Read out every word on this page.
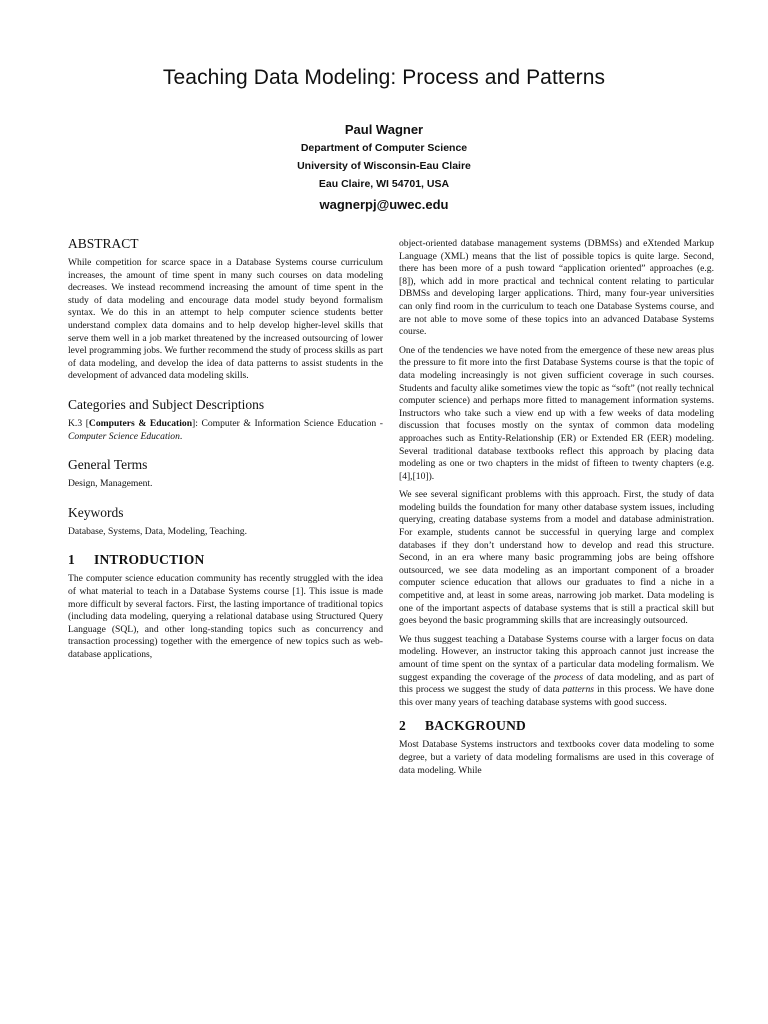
Teaching Data Modeling: Process and Patterns
Paul Wagner
Department of Computer Science
University of Wisconsin-Eau Claire
Eau Claire, WI 54701, USA
wagnerpj@uwec.edu
ABSTRACT

While competition for scarce space in a Database Systems course curriculum increases, the amount of time spent in many such courses on data modeling decreases. We instead recommend increasing the amount of time spent in the study of data modeling and encourage data model study beyond formalism syntax. We do this in an attempt to help computer science students better understand complex data domains and to help develop higher-level skills that serve them well in a job market threatened by the increased outsourcing of lower level programming jobs. We further recommend the study of process skills as part of data modeling, and develop the idea of data patterns to assist students in the development of advanced data modeling skills.

Categories and Subject Descriptions

K.3 [Computers & Education]: Computer & Information Science Education - Computer Science Education.

General Terms

Design, Management.

Keywords

Database, Systems, Data, Modeling, Teaching.

1 INTRODUCTION

The computer science education community has recently struggled with the idea of what material to teach in a Database Systems course [1]. This issue is made more difficult by several factors. First, the lasting importance of traditional topics (including data modeling, querying a relational database using Structured Query Language (SQL), and other long-standing topics such as concurrency and transaction processing) together with the emergence of new topics such as web-database applications,

object-oriented database management systems (DBMSs) and eXtended Markup Language (XML) means that the list of possible topics is quite large. Second, there has been more of a push toward “application oriented” approaches (e.g. [8]), which add in more practical and technical content relating to particular DBMSs and developing larger applications. Third, many four-year universities can only find room in the curriculum to teach one Database Systems course, and are not able to move some of these topics into an advanced Database Systems course.

One of the tendencies we have noted from the emergence of these new areas plus the pressure to fit more into the first Database Systems course is that the topic of data modeling increasingly is not given sufficient coverage in such courses. Students and faculty alike sometimes view the topic as “soft” (not really technical computer science) and perhaps more fitted to management information systems. Instructors who take such a view end up with a few weeks of data modeling discussion that focuses mostly on the syntax of common data modeling approaches such as Entity-Relationship (ER) or Extended ER (EER) modeling. Several traditional database textbooks reflect this approach by placing data modeling as one or two chapters in the midst of fifteen to twenty chapters (e.g. [4],[10]).

We see several significant problems with this approach. First, the study of data modeling builds the foundation for many other database system issues, including querying, creating database systems from a model and database administration. For example, students cannot be successful in querying large and complex databases if they don’t understand how to develop and read this structure. Second, in an era where many basic programming jobs are being offshore outsourced, we see data modeling as an important component of a broader computer science education that allows our graduates to find a niche in a competitive and, at least in some areas, narrowing job market. Data modeling is one of the important aspects of database systems that is still a practical skill but goes beyond the basic programming skills that are increasingly outsourced.

We thus suggest teaching a Database Systems course with a larger focus on data modeling. However, an instructor taking this approach cannot just increase the amount of time spent on the syntax of a particular data modeling formalism. We suggest expanding the coverage of the process of data modeling, and as part of this process we suggest the study of data patterns in this process. We have done this over many years of teaching database systems with good success.

2 BACKGROUND

Most Database Systems instructors and textbooks cover data modeling to some degree, but a variety of data modeling formalisms are used in this coverage of data modeling. While
